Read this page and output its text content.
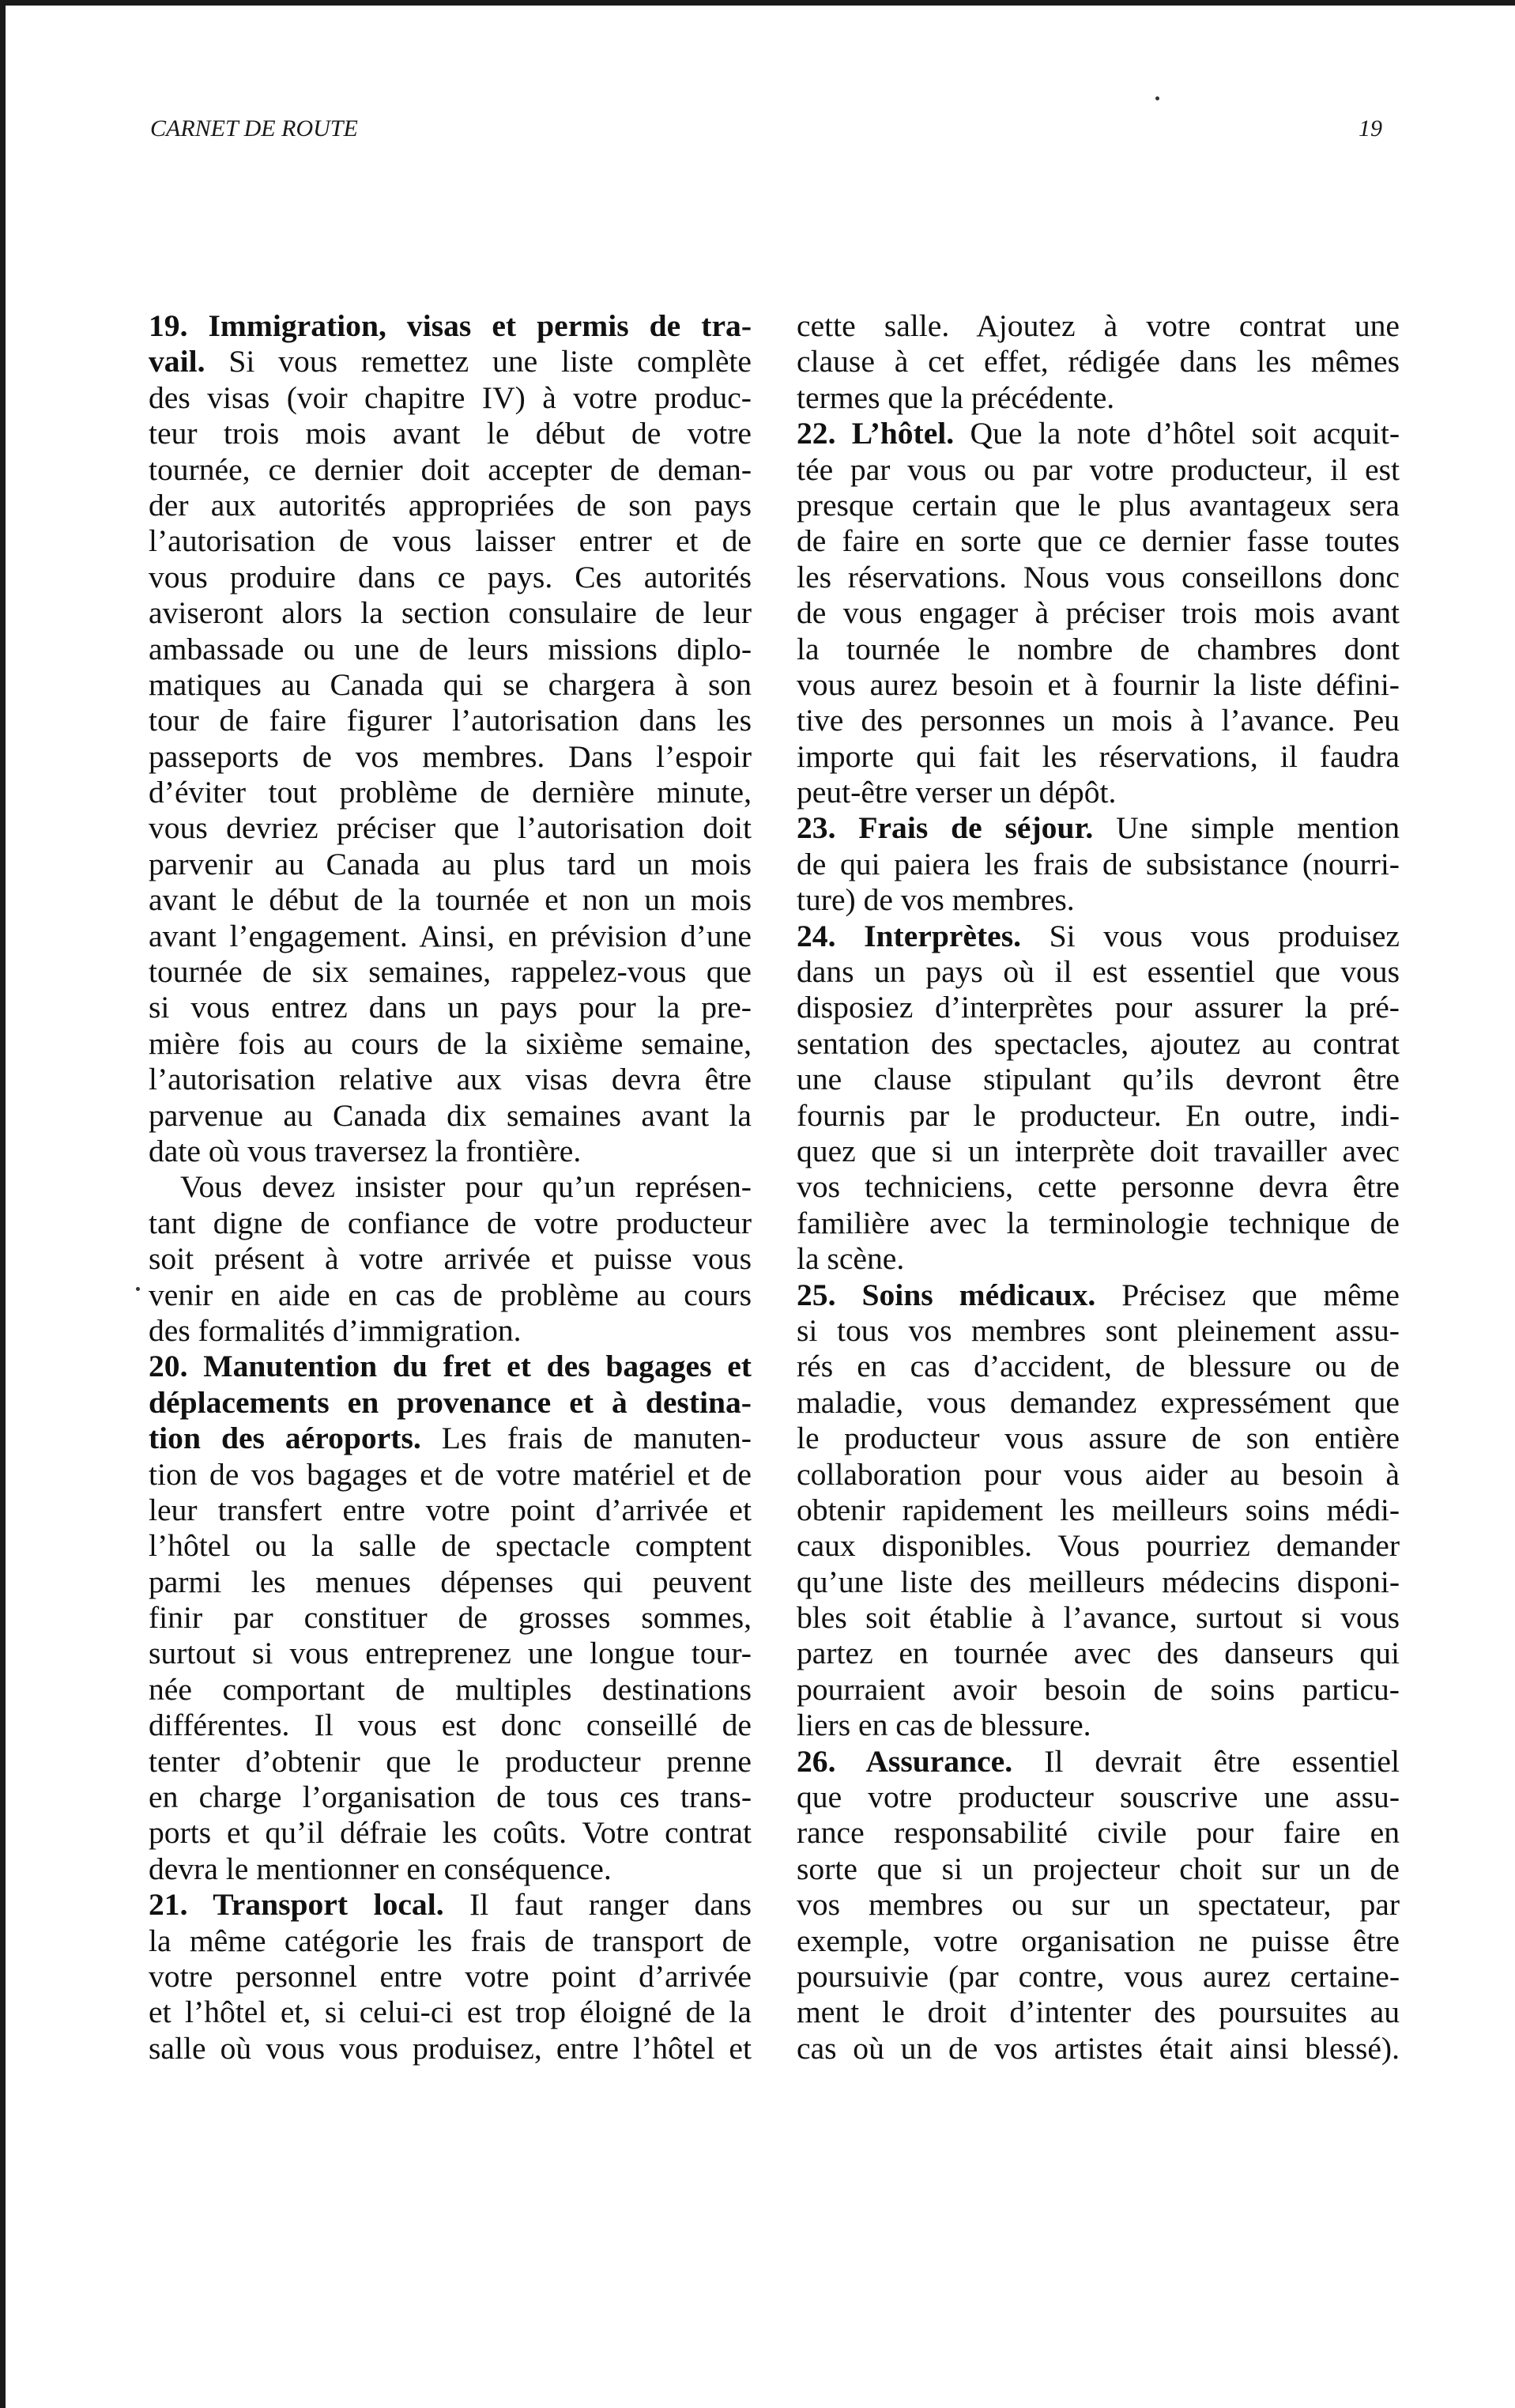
CARNET DE ROUTE	19
19. Immigration, visas et permis de tra-
vail. Si vous remettez une liste complète
des visas (voir chapitre IV) à votre produc-
teur trois mois avant le début de votre
tournée, ce dernier doit accepter de deman-
der aux autorités appropriées de son pays
l’autorisation de vous laisser entrer et de
vous produire dans ce pays. Ces autorités
aviseront alors la section consulaire de leur
ambassade ou une de leurs missions diplo-
matiques au Canada qui se chargera à son
tour de faire figurer l’autorisation dans les
passeports de vos membres. Dans l’espoir
d’éviter tout problème de dernière minute,
vous devriez préciser que l’autorisation doit
parvenir au Canada au plus tard un mois
avant le début de la tournée et non un mois
avant l’engagement. Ainsi, en prévision d’une
tournée de six semaines, rappelez-vous que
si vous entrez dans un pays pour la pre-
mière fois au cours de la sixième semaine,
l’autorisation relative aux visas devra être
parvenue au Canada dix semaines avant la
date où vous traversez la frontière.
Vous devez insister pour qu’un représen-
tant digne de confiance de votre producteur
soit présent à votre arrivée et puisse vous
venir en aide en cas de problème au cours
des formalités d’immigration.
20. Manutention du fret et des bagages et
déplacements en provenance et à destina-
tion des aéroports. Les frais de manuten-
tion de vos bagages et de votre matériel et de
leur transfert entre votre point d’arrivée et
l’hôtel ou la salle de spectacle comptent
parmi les menues dépenses qui peuvent
finir par constituer de grosses sommes,
surtout si vous entreprenez une longue tour-
née comportant de multiples destinations
différentes. Il vous est donc conseillé de
tenter d’obtenir que le producteur prenne
en charge l’organisation de tous ces trans-
ports et qu’il défraie les coûts. Votre contrat
devra le mentionner en conséquence.
21. Transport local. Il faut ranger dans
la même catégorie les frais de transport de
votre personnel entre votre point d’arrivée
et l’hôtel et, si celui-ci est trop éloigné de la
salle où vous vous produisez, entre l’hôtel et
cette salle. Ajoutez à votre contrat une
clause à cet effet, rédigée dans les mêmes
termes que la précédente.
22. L’hôtel. Que la note d’hôtel soit acquit-
tée par vous ou par votre producteur, il est
presque certain que le plus avantageux sera
de faire en sorte que ce dernier fasse toutes
les réservations. Nous vous conseillons donc
de vous engager à préciser trois mois avant
la tournée le nombre de chambres dont
vous aurez besoin et à fournir la liste défini-
tive des personnes un mois à l’avance. Peu
importe qui fait les réservations, il faudra
peut-être verser un dépôt.
23. Frais de séjour. Une simple mention
de qui paiera les frais de subsistance (nourri-
ture) de vos membres.
24. Interprètes. Si vous vous produisez
dans un pays où il est essentiel que vous
disposiez d’interprètes pour assurer la pré-
sentation des spectacles, ajoutez au contrat
une clause stipulant qu’ils devront être
fournis par le producteur. En outre, indi-
quez que si un interprète doit travailler avec
vos techniciens, cette personne devra être
familière avec la terminologie technique de
la scène.
25. Soins médicaux. Précisez que même
si tous vos membres sont pleinement assu-
rés en cas d’accident, de blessure ou de
maladie, vous demandez expressément que
le producteur vous assure de son entière
collaboration pour vous aider au besoin à
obtenir rapidement les meilleurs soins médi-
caux disponibles. Vous pourriez demander
qu’une liste des meilleurs médecins disponi-
bles soit établie à l’avance, surtout si vous
partez en tournée avec des danseurs qui
pourraient avoir besoin de soins particu-
liers en cas de blessure.
26. Assurance. Il devrait être essentiel
que votre producteur souscrive une assu-
rance responsabilité civile pour faire en
sorte que si un projecteur choit sur un de
vos membres ou sur un spectateur, par
exemple, votre organisation ne puisse être
poursuivie (par contre, vous aurez certaine-
ment le droit d’intenter des poursuites au
cas où un de vos artistes était ainsi blessé).
